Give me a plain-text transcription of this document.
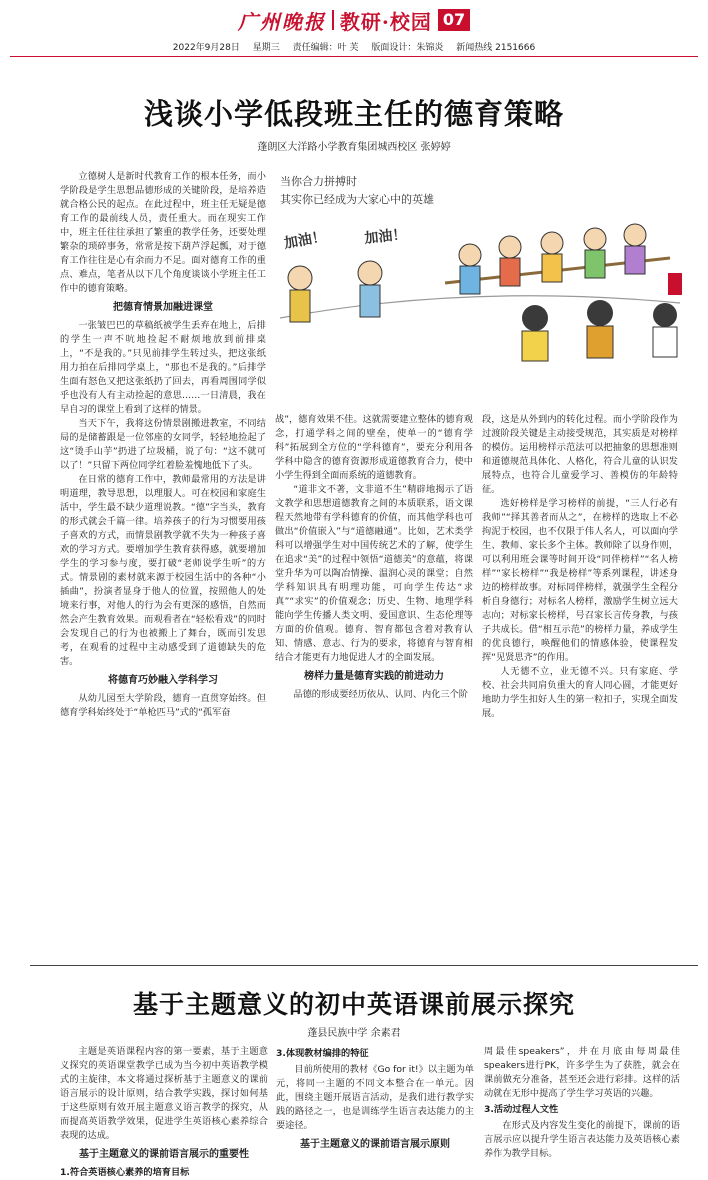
广州晚报 教研·校园 07
2022年9月28日 星期三 责任编辑：叶 芙 版面设计：朱锦炎 新闻热线 2151666
浅谈小学低段班主任的德育策略
蓬朗区大洋路小学教育集团城西校区 张婷婷
当你合力拼搏时
其实你已经成为大家心中的英雄
加油！	加油！

立德树人是新时代教育工作的根本任务，而小学阶段是学生思想品德形成的关键阶段，是培养造就合格公民的起点。在此过程中，班主任无疑是德育工作的最前线人员，责任重大。而在现实工作中，班主任往往承担了繁重的教学任务，还要处理繁杂的琐碎事务，常常是按下葫芦浮起瓢，对于德育工作往往是心有余而力不足。面对德育工作的重点、难点，笔者从以下几个角度谈谈小学班主任工作中的德育策略。

把德育情景加融进课堂

一张皱巴巴的草稿纸被学生丢弃在地上，后排的学生一声不吭地捡起不耐烦地放到前排桌上，“不是我的。”只见前排学生转过头，把这张纸用力拍在后排同学桌上，“那也不是我的。”后排学生面有怒色又把这张纸扔了回去，再看周围同学似乎也没有人有主动捡起的意思……一日清晨，我在早自习的课堂上看到了这样的情景。

当天下午，我将这份情景剧搬进教室，不同结局的是储蓄跟是一位邻座的女同学，轻轻地捡起了这“烫手山芋”扔进了垃圾桶，说了句：“这不就可以了！”只留下两位同学红着脸羞愧地低下了头。

在日常的德育工作中，教师最常用的方法是讲明道理，教导思想，以理服人。可在校园和家庭生活中，学生最不缺少道理说教。“德”字当头，教育的形式就会千篇一律。培养孩子的行为习惯要用孩子喜欢的方式，而情景剧教学就不失为一种孩子喜欢的学习方式。要增加学生教育获得感，就要增加学生的学习参与度，要打破“老师说学生听”的方式。情景剧的素材就来源于校园生活中的各种“小插曲”，扮演者显身于他人的位置，按照他人的处境来行事，对他人的行为会有更深的感悟，自然而然会产生教育效果。而观看者在“轻松看戏”的同时会发现自己的行为也被搬上了舞台，既而引发思考，在观看的过程中主动感受到了道德缺失的危害。

将德育巧妙融入学科学习

从幼儿园至大学阶段，德育一直贯穿始终。但德育学科始终处于“单枪匹马”式的“孤军奋

战”，德育效果不佳。这就需要建立整体的德育观念，打通学科之间的壁垒，使单一的“德育学科”拓展到全方位的“学科德育”，要充分利用各学科中隐含的德育资源形成道德教育合力，使中小学生得到全面而系统的道德教育。

“道非文不著，文非道不生”精辟地揭示了语文教学和思想道德教育之间的本质联系，语文课程天然地带有学科德育的价值，而其他学科也可做出“价值嵌入”与“道德融通”。比如，艺术类学科可以增强学生对中国传统艺术的了解，使学生在追求“美”的过程中领悟“道德美”的意蕴，将课堂升华为可以陶冶情操、温润心灵的课堂；自然学科知识具有明理功能，可向学生传达“求真”“求实”的价值观念；历史、生物、地理学科能向学生传播人类文明、爱国意识、生态伦理等方面的价值观。德育、智育都包含着对教育认知、情感、意志、行为的要求，将德育与智育相结合才能更有力地促进人才的全面发展。

榜样力量是德育实践的前进动力

品德的形成要经历依从、认同、内化三个阶

段，这是从外到内的转化过程。而小学阶段作为过渡阶段关键是主动接受规范，其实质是对榜样的模仿。运用榜样示范法可以把抽象的思想准则和道德规范具体化、人格化，符合儿童的认识发展特点，也符合儿童爱学习、善模仿的年龄特征。

选好榜样是学习榜样的前提，“三人行必有我师”“择其善者而从之”，在榜样的选取上不必拘泥于校园，也不仅限于伟人名人，可以面向学生、教师、家长多个主体。教师除了以身作则，可以利用班会课等时间开设“同伴榜样”“名人榜样”“家长榜样”“我是榜样”等系列课程，讲述身边的榜样故事。对标同伴榜样，就强学生全程分析自身德行；对标名人榜样，激励学生树立远大志向；对标家长榜样，号召家长言传身教，与孩子共成长。借“相互示范”的榜样力量，养成学生的优良德行，唤醒他们的情感体验，使课程发挥“见贤思齐”的作用。

人无德不立，业无德不兴。只有家庭、学校、社会共同肩负重大的育人同心圆，才能更好地助力学生扣好人生的第一粒扣子，实现全面发展。

基于主题意义的初中英语课前展示探究
蓬县民族中学 余素君

主题是英语课程内容的第一要素，基于主题意义探究的英语课堂教学已成为当今初中英语教学模式的主旋律，本文将通过探析基于主题意义的课前语言展示的设计原则，结合教学实践，探讨如何基于这些原则有效开展主题意义语言教学的探究，从而提高英语教学效果，促进学生英语核心素养综合表现的达成。

基于主题意义的课前语言展示的重要性
1.符合英语核心素养的培育目标
3.体现教材编排的特征

目前所使用的教材《Go for it!》以主题为单元，将同一主题的不同文本整合在一单元。因此，围绕主题开展语言活动，是我们进行教学实践的路径之一，也是训练学生语言表达能力的主要途径。

基于主题意义的课前语言展示原则

周最佳speakers”，并在月底由每周最佳speakers进行PK，许多学生为了获胜，就会在课前做充分准备，甚至还会进行彩排。这样的活动就在无形中提高了学生学习英语的兴趣。

3.活动过程人文性

在形式及内容发生变化的前提下，课前的语言展示应以提升学生语言表达能力及英语核心素养作为教学目标。
